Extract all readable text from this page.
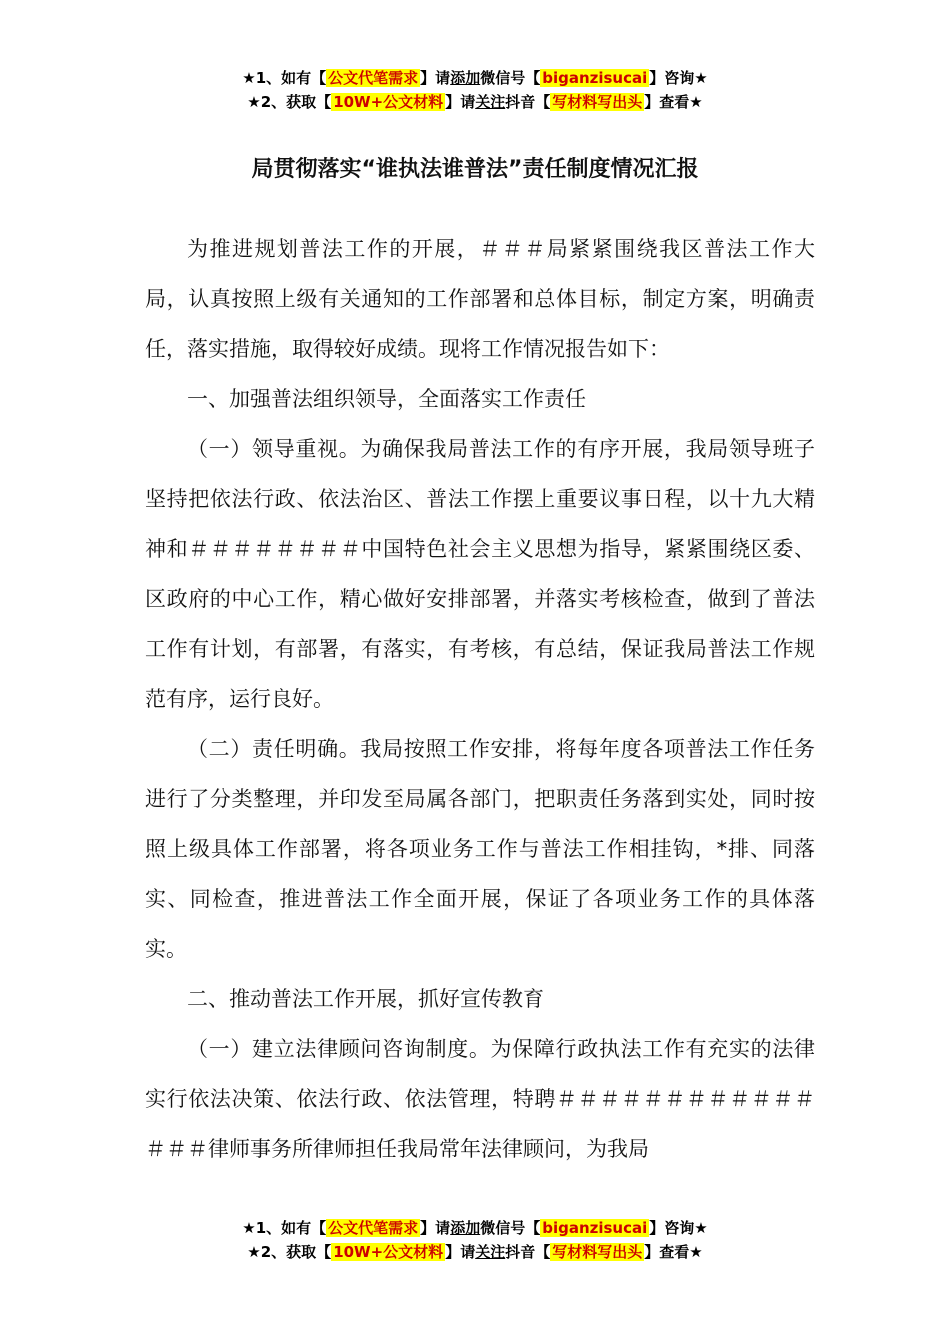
★1、如有【 公文代笔需求 】请添加微信号【 biganzisucai 】咨询★
★2、获取【 10W+公文材料 】请关注抖音【 写材料写出头 】查看★
局贯彻落实“谁执法谁普法”责任制度情况汇报

为推进规划普法工作的开展，＃＃＃局紧紧围绕我区普法工作大局，认真按照上级有关通知的工作部署和总体目标，制定方案，明确责任，落实措施，取得较好成绩。现将工作情况报告如下：

一、加强普法组织领导，全面落实工作责任

（一）领导重视。为确保我局普法工作的有序开展，我局领导班子坚持把依法行政、依法治区、普法工作摆上重要议事日程，以十九大精神和＃＃＃＃＃＃＃＃中国特色社会主义思想为指导，紧紧围绕区委、区政府的中心工作，精心做好安排部署，并落实考核检查，做到了普法工作有计划，有部署，有落实，有考核，有总结，保证我局普法工作规范有序，运行良好。

（二）责任明确。我局按照工作安排，将每年度各项普法工作任务进行了分类整理，并印发至局属各部门，把职责任务落到实处，同时按照上级具体工作部署，将各项业务工作与普法工作相挂钩，*排、同落实、同检查，推进普法工作全面开展，保证了各项业务工作的具体落实。

二、推动普法工作开展，抓好宣传教育

（一）建立法律顾问咨询制度。为保障行政执法工作有充实的法律实行依法决策、依法行政、依法管理，特聘＃＃＃＃＃＃＃＃＃＃＃＃＃＃＃律师事务所律师担任我局常年法律顾问，为我局

★1、如有【 公文代笔需求 】请添加微信号【 biganzisucai 】咨询★
★2、获取【 10W+公文材料 】请关注抖音【 写材料写出头 】查看★
